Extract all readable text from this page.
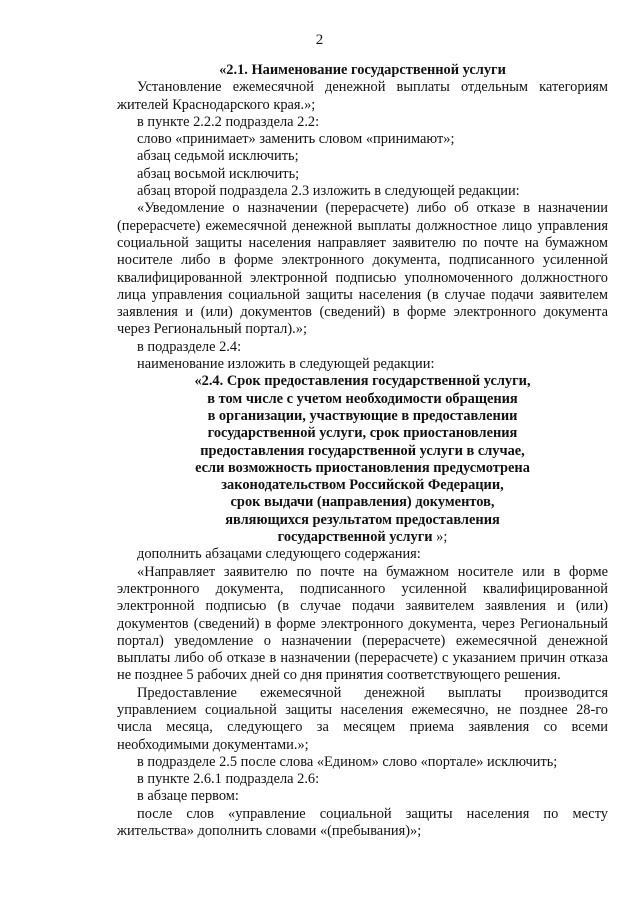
2

«2.1. Наименование государственной услуги

Установление ежемесячной денежной выплаты отдельным категориям жителей Краснодарского края.»;

в пункте 2.2.2 подраздела 2.2:

слово «принимает» заменить словом «принимают»;

абзац седьмой исключить;

абзац восьмой исключить;

абзац второй подраздела 2.3 изложить в следующей редакции:

«Уведомление о назначении (перерасчете) либо об отказе в назначении (перерасчете) ежемесячной денежной выплаты должностное лицо управления социальной защиты населения направляет заявителю по почте на бумажном носителе либо в форме электронного документа, подписанного усиленной квалифицированной электронной подписью уполномоченного должностного лица управления социальной защиты населения (в случае подачи заявителем заявления и (или) документов (сведений) в форме электронного документа через Региональный портал).»;

в подразделе 2.4:

наименование изложить в следующей редакции:

«2.4. Срок предоставления государственной услуги,
в том числе с учетом необходимости обращения
в организации, участвующие в предоставлении
государственной услуги, срок приостановления
предоставления государственной услуги в случае,
если возможность приостановления предусмотрена
законодательством Российской Федерации,
срок выдачи (направления) документов,
являющихся результатом предоставления
государственной услуги »;

дополнить абзацами следующего содержания:

«Направляет заявителю по почте на бумажном носителе или в форме электронного документа, подписанного усиленной квалифицированной электронной подписью (в случае подачи заявителем заявления и (или) документов (сведений) в форме электронного документа, через Региональный портал) уведомление о назначении (перерасчете) ежемесячной денежной выплаты либо об отказе в назначении (перерасчете) с указанием причин отказа не позднее 5 рабочих дней со дня принятия соответствующего решения.

Предоставление ежемесячной денежной выплаты производится управлением социальной защиты населения ежемесячно, не позднее 28-го числа месяца, следующего за месяцем приема заявления со всеми необходимыми документами.»;

в подразделе 2.5 после слова «Едином» слово «портале» исключить;

в пункте 2.6.1 подраздела 2.6:

в абзаце первом:

после слов «управление социальной защиты населения по месту жительства» дополнить словами «(пребывания)»;
